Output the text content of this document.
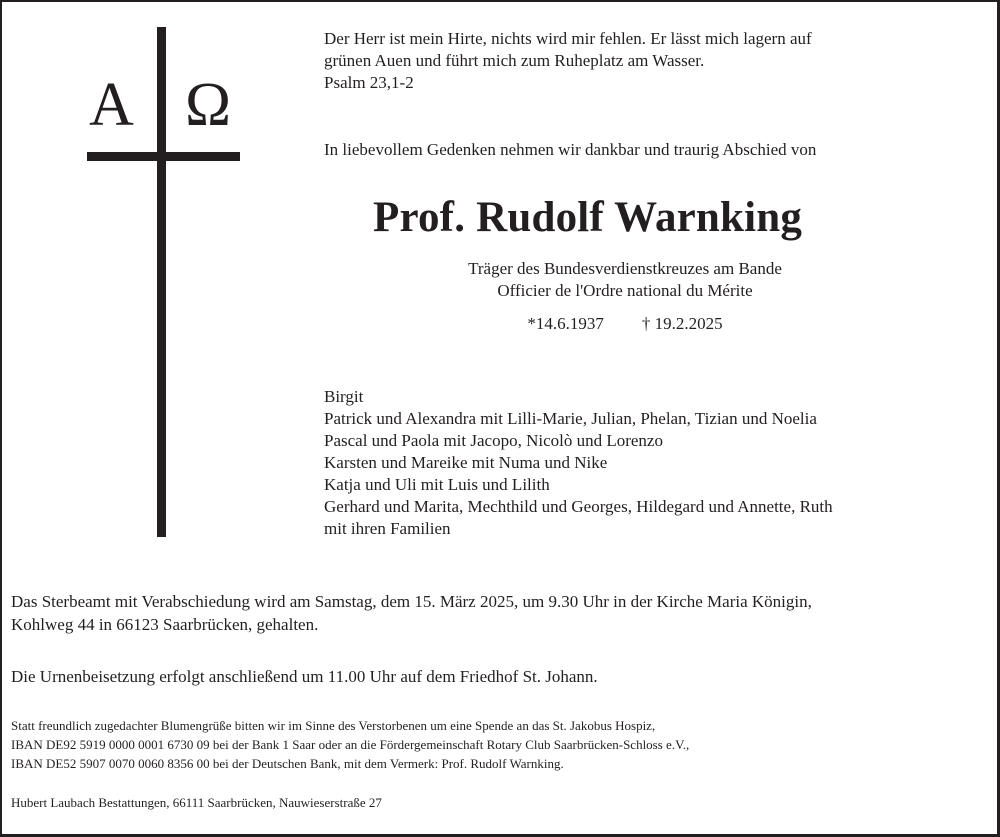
Α Ω
Der Herr ist mein Hirte, nichts wird mir fehlen. Er lässt mich lagern auf
grünen Auen und führt mich zum Ruheplatz am Wasser.
Psalm 23,1-2
In liebevollem Gedenken nehmen wir dankbar und traurig Abschied von
Prof. Rudolf Warnking
Träger des Bundesverdienstkreuzes am Bande
Officier de l'Ordre national du Mérite
*14.6.1937 † 19.2.2025
Birgit
Patrick und Alexandra mit Lilli-Marie, Julian, Phelan, Tizian und Noelia
Pascal und Paola mit Jacopo, Nicolò und Lorenzo
Karsten und Mareike mit Numa und Nike
Katja und Uli mit Luis und Lilith
Gerhard und Marita, Mechthild und Georges, Hildegard und Annette, Ruth
mit ihren Familien
Das Sterbeamt mit Verabschiedung wird am Samstag, dem 15. März 2025, um 9.30 Uhr in der Kirche Maria Königin,
Kohlweg 44 in 66123 Saarbrücken, gehalten.
Die Urnenbeisetzung erfolgt anschließend um 11.00 Uhr auf dem Friedhof St. Johann.
Statt freundlich zugedachter Blumengrüße bitten wir im Sinne des Verstorbenen um eine Spende an das St. Jakobus Hospiz,
IBAN DE92 5919 0000 0001 6730 09 bei der Bank 1 Saar oder an die Fördergemeinschaft Rotary Club Saarbrücken-Schloss e.V.,
IBAN DE52 5907 0070 0060 8356 00 bei der Deutschen Bank, mit dem Vermerk: Prof. Rudolf Warnking.
Hubert Laubach Bestattungen, 66111 Saarbrücken, Nauwieserstraße 27
